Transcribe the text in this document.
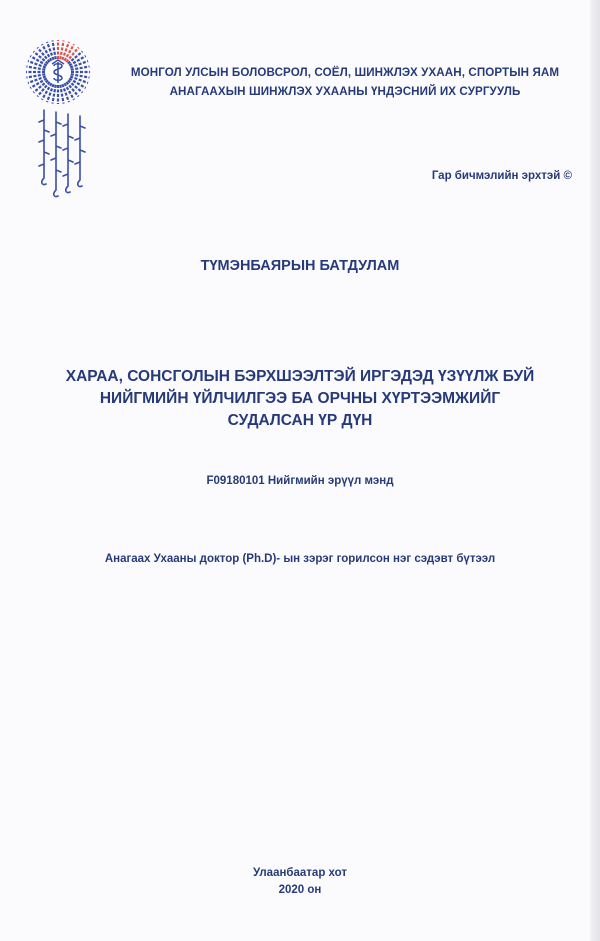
МОНГОЛ УЛСЫН БОЛОВСРОЛ, СОЁЛ, ШИНЖЛЭХ УХААН, СПОРТЫН ЯАМ
АНАГААХЫН ШИНЖЛЭХ УХААНЫ ҮНДЭСНИЙ ИХ СУРГУУЛЬ
Гар бичмэлийн эрхтэй ©
ТҮМЭНБАЯРЫН БАТДУЛАМ
ХАРАА, СОНСГОЛЫН БЭРХШЭЭЛТЭЙ ИРГЭДЭД ҮЗҮҮЛЖ БУЙ
НИЙГМИЙН ҮЙЛЧИЛГЭЭ БА ОРЧНЫ ХҮРТЭЭМЖИЙГ
СУДАЛСАН ҮР ДҮН
F09180101 Нийгмийн эрүүл мэнд
Анагаах Ухааны доктор (Ph.D)- ын зэрэг горилсон нэг сэдэвт бүтээл
Улаанбаатар хот
2020 он
